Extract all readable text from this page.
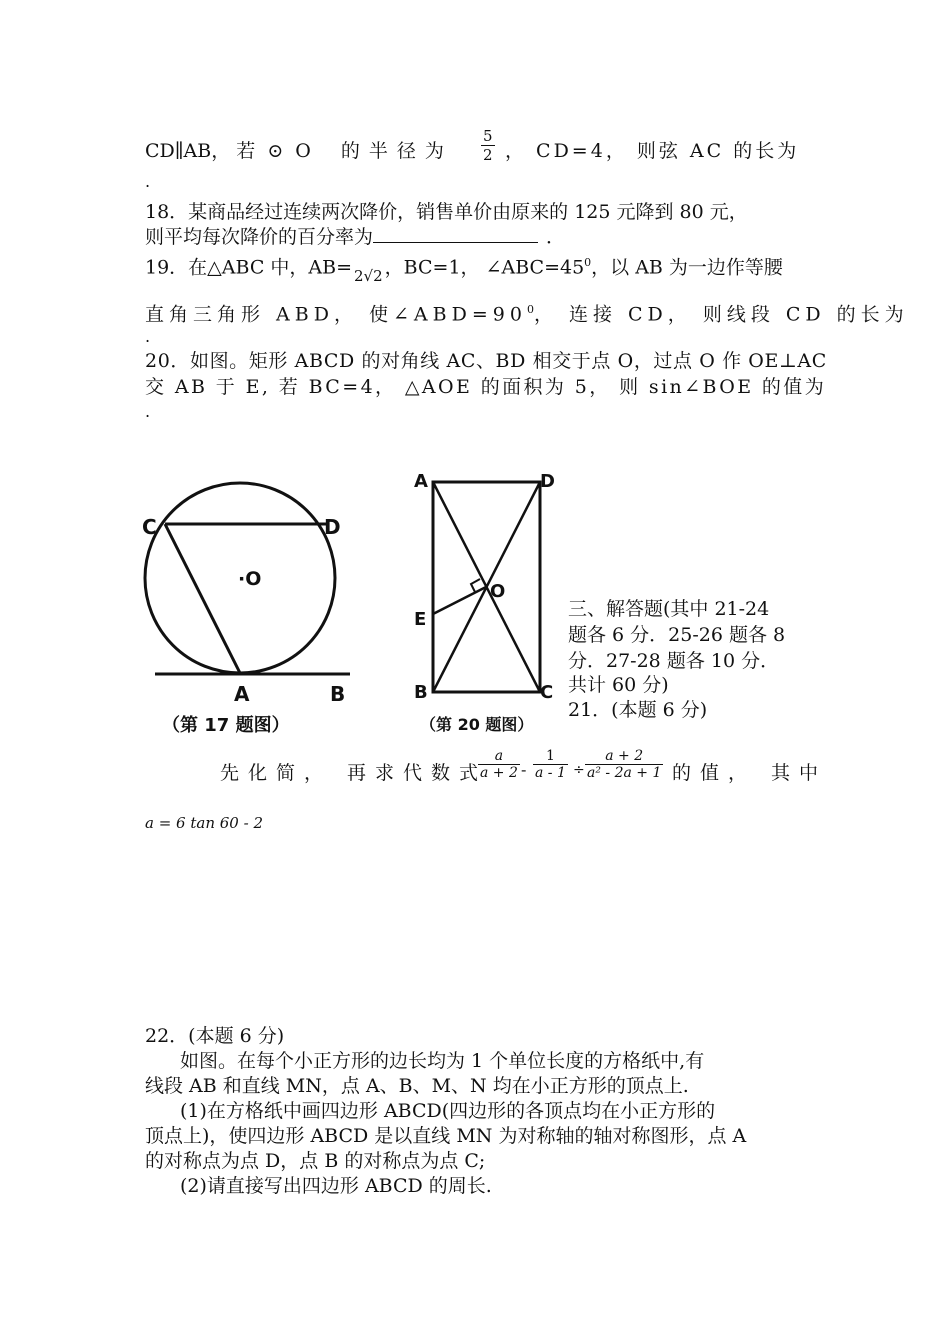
CD∥AB， 若 ⊙ O 的半径为 $\frac{5}{2}$ ， CD=4， 则弦 AC 的长为
.
18．某商品经过连续两次降价，销售单价由原来的 125 元降到 80 元，
则平均每次降价的百分率为	．
19．在△ABC 中，AB= $_{2√2}$ ，BC=1， $\angle ABC=45^0$，以 AB 为一边作等腰
直角三角形 ABD， 使$\angle ABD=90^0$， 连接 CD， 则线段 CD 的长为
.
20．如图。矩形 ABCD 的对角线 AC、BD 相交于点 O，过点 O 作 OE⊥AC
交 AB 于 E, 若 BC=4， △AOE 的面积为 5， 则 sin∠BOE 的值为
.
C	D
·O
A	B
（第 17 题图）
A	D
O
E
B	C
（第 20 题图）
三、解答题(其中 21-24
题各 6 分．25-26 题各 8
分．27-28 题各 10 分．
共计 60 分)
21．(本题 6 分)
先化简， 再求代数式
$\frac{a}{a + 2} - \frac{1}{a - 1} \div \frac{a + 2}{\text{a² - 2a + 1}}$ 的值， 其中
a = 6 tan 60 - 2
22．(本题 6 分)
如图。在每个小正方形的边长均为 1 个单位长度的方格纸中,有
线段 AB 和直线 MN，点 A、B、M、N 均在小正方形的顶点上.
(1)在方格纸中画四边形 ABCD(四边形的各顶点均在小正方形的
顶点上)，使四边形 ABCD 是以直线 MN 为对称轴的轴对称图形，点 A
的对称点为点 D，点 B 的对称点为点 C;
(2)请直接写出四边形 ABCD 的周长.
